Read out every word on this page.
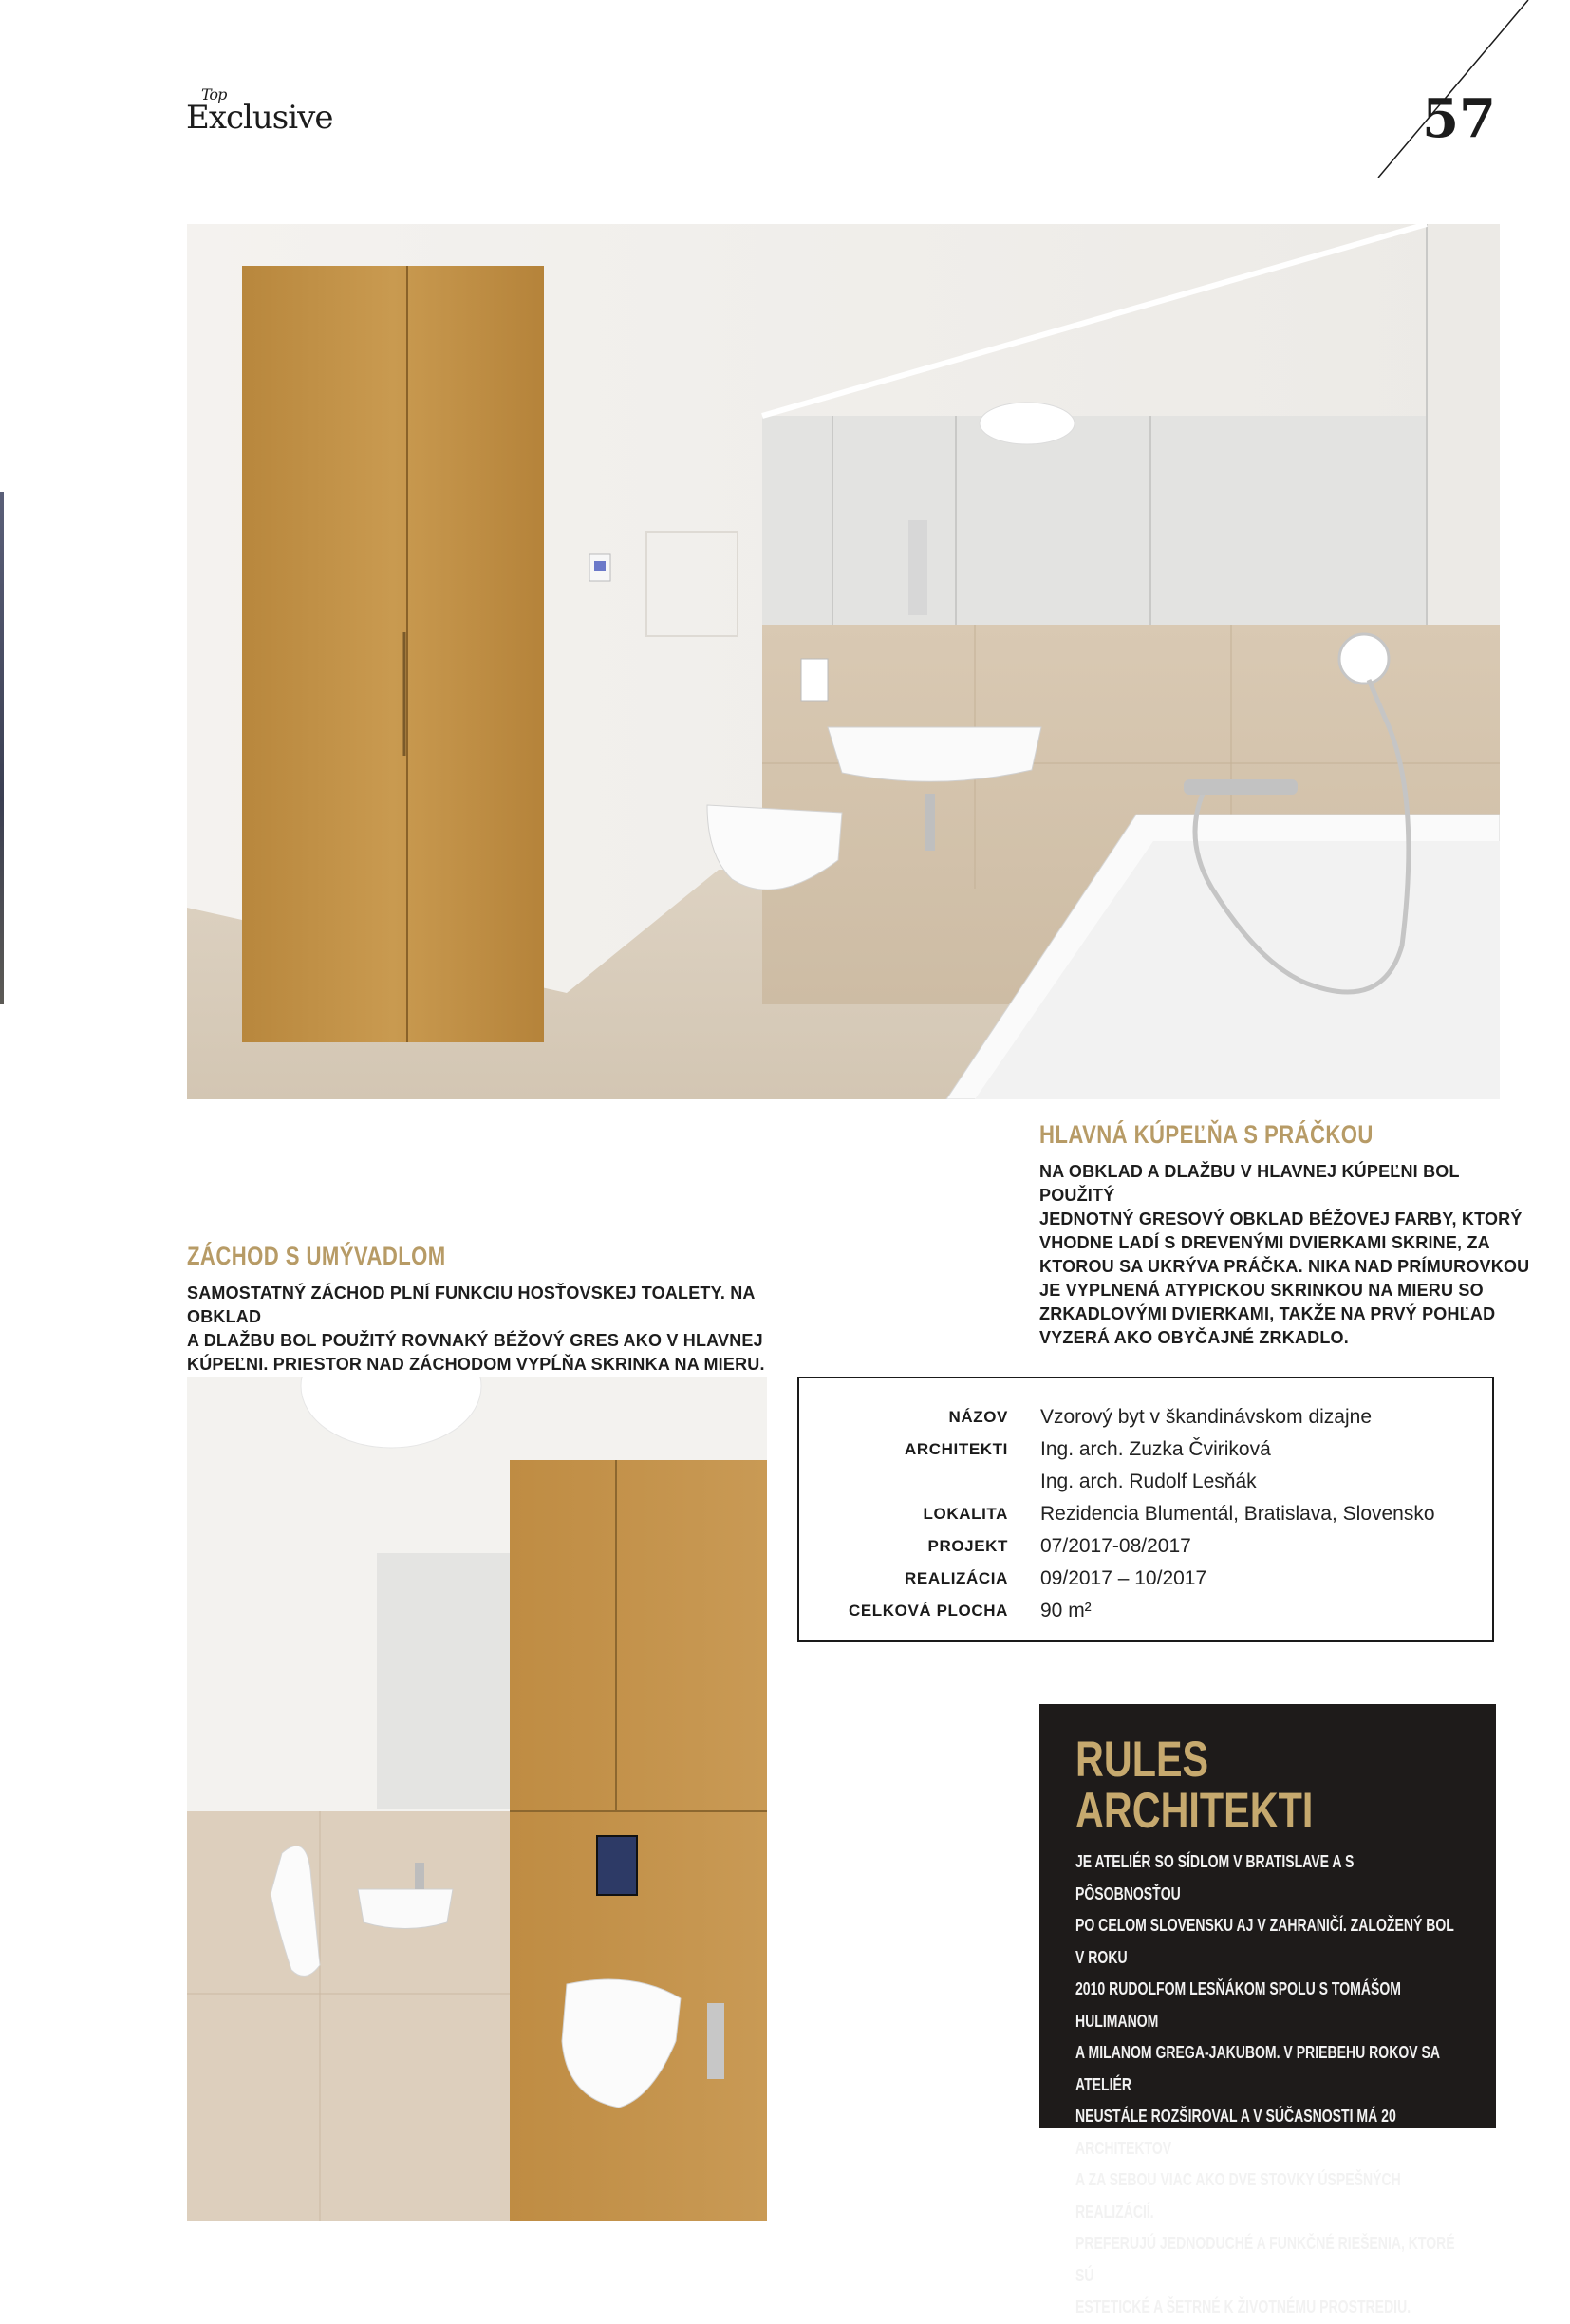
Top
Exclusive	57
HLAVNÁ KÚPEĽŇA S PRÁČKOU
NA OBKLAD A DLAŽBU V HLAVNEJ KÚPEĽNI BOL POUŽITÝ
JEDNOTNÝ GRESOVÝ OBKLAD BÉŽOVEJ FARBY, KTORÝ
VHODNE LADÍ S DREVENÝMI DVIERKAMI SKRINE, ZA
KTOROU SA UKRÝVA PRÁČKA. NIKA NAD PRÍMUROVKOU
JE VYPLNENÁ ATYPICKOU SKRINKOU NA MIERU SO
ZRKADLOVÝMI DVIERKAMI, TAKŽE NA PRVÝ POHĽAD
VYZERÁ AKO OBYČAJNÉ ZRKADLO.
ZÁCHOD S UMÝVADLOM
SAMOSTATNÝ ZÁCHOD PLNÍ FUNKCIU HOSŤOVSKEJ TOALETY. NA OBKLAD
A DLAŽBU BOL POUŽITÝ ROVNAKÝ BÉŽOVÝ GRES AKO V HLAVNEJ
KÚPEĽNI. PRIESTOR NAD ZÁCHODOM VYPĹŇA SKRINKA NA MIERU.
NÁZOV Vzorový byt v škandinávskom dizajne
ARCHITEKTI Ing. arch. Zuzka Čviriková
Ing. arch. Rudolf Lesňák
LOKALITA Rezidencia Blumentál, Bratislava, Slovensko
PROJEKT 07/2017-08/2017
REALIZÁCIA 09/2017 – 10/2017
CELKOVÁ PLOCHA 90 m²
RULES
ARCHITEKTI
JE ATELIÉR SO SÍDLOM V BRATISLAVE A S PÔSOBNOSŤOU
PO CELOM SLOVENSKU AJ V ZAHRANIČÍ. ZALOŽENÝ BOL V ROKU
2010 RUDOLFOM LESŇÁKOM SPOLU S TOMÁŠOM HULIMANOM
A MILANOM GREGA-JAKUBOM. V PRIEBEHU ROKOV SA ATELIÉR
NEUSTÁLE ROZŠIROVAL A V SÚČASNOSTI MÁ 20 ARCHITEKTOV
A ZA SEBOU VIAC AKO DVE STOVKY ÚSPEŠNÝCH REALIZÁCIÍ.
PREFERUJÚ JEDNODUCHÉ A FUNKČNÉ RIEŠENIA, KTORÉ SÚ
ESTETICKÉ A ŠETRNÉ K ŽIVOTNÉMU PROSTREDIU.
